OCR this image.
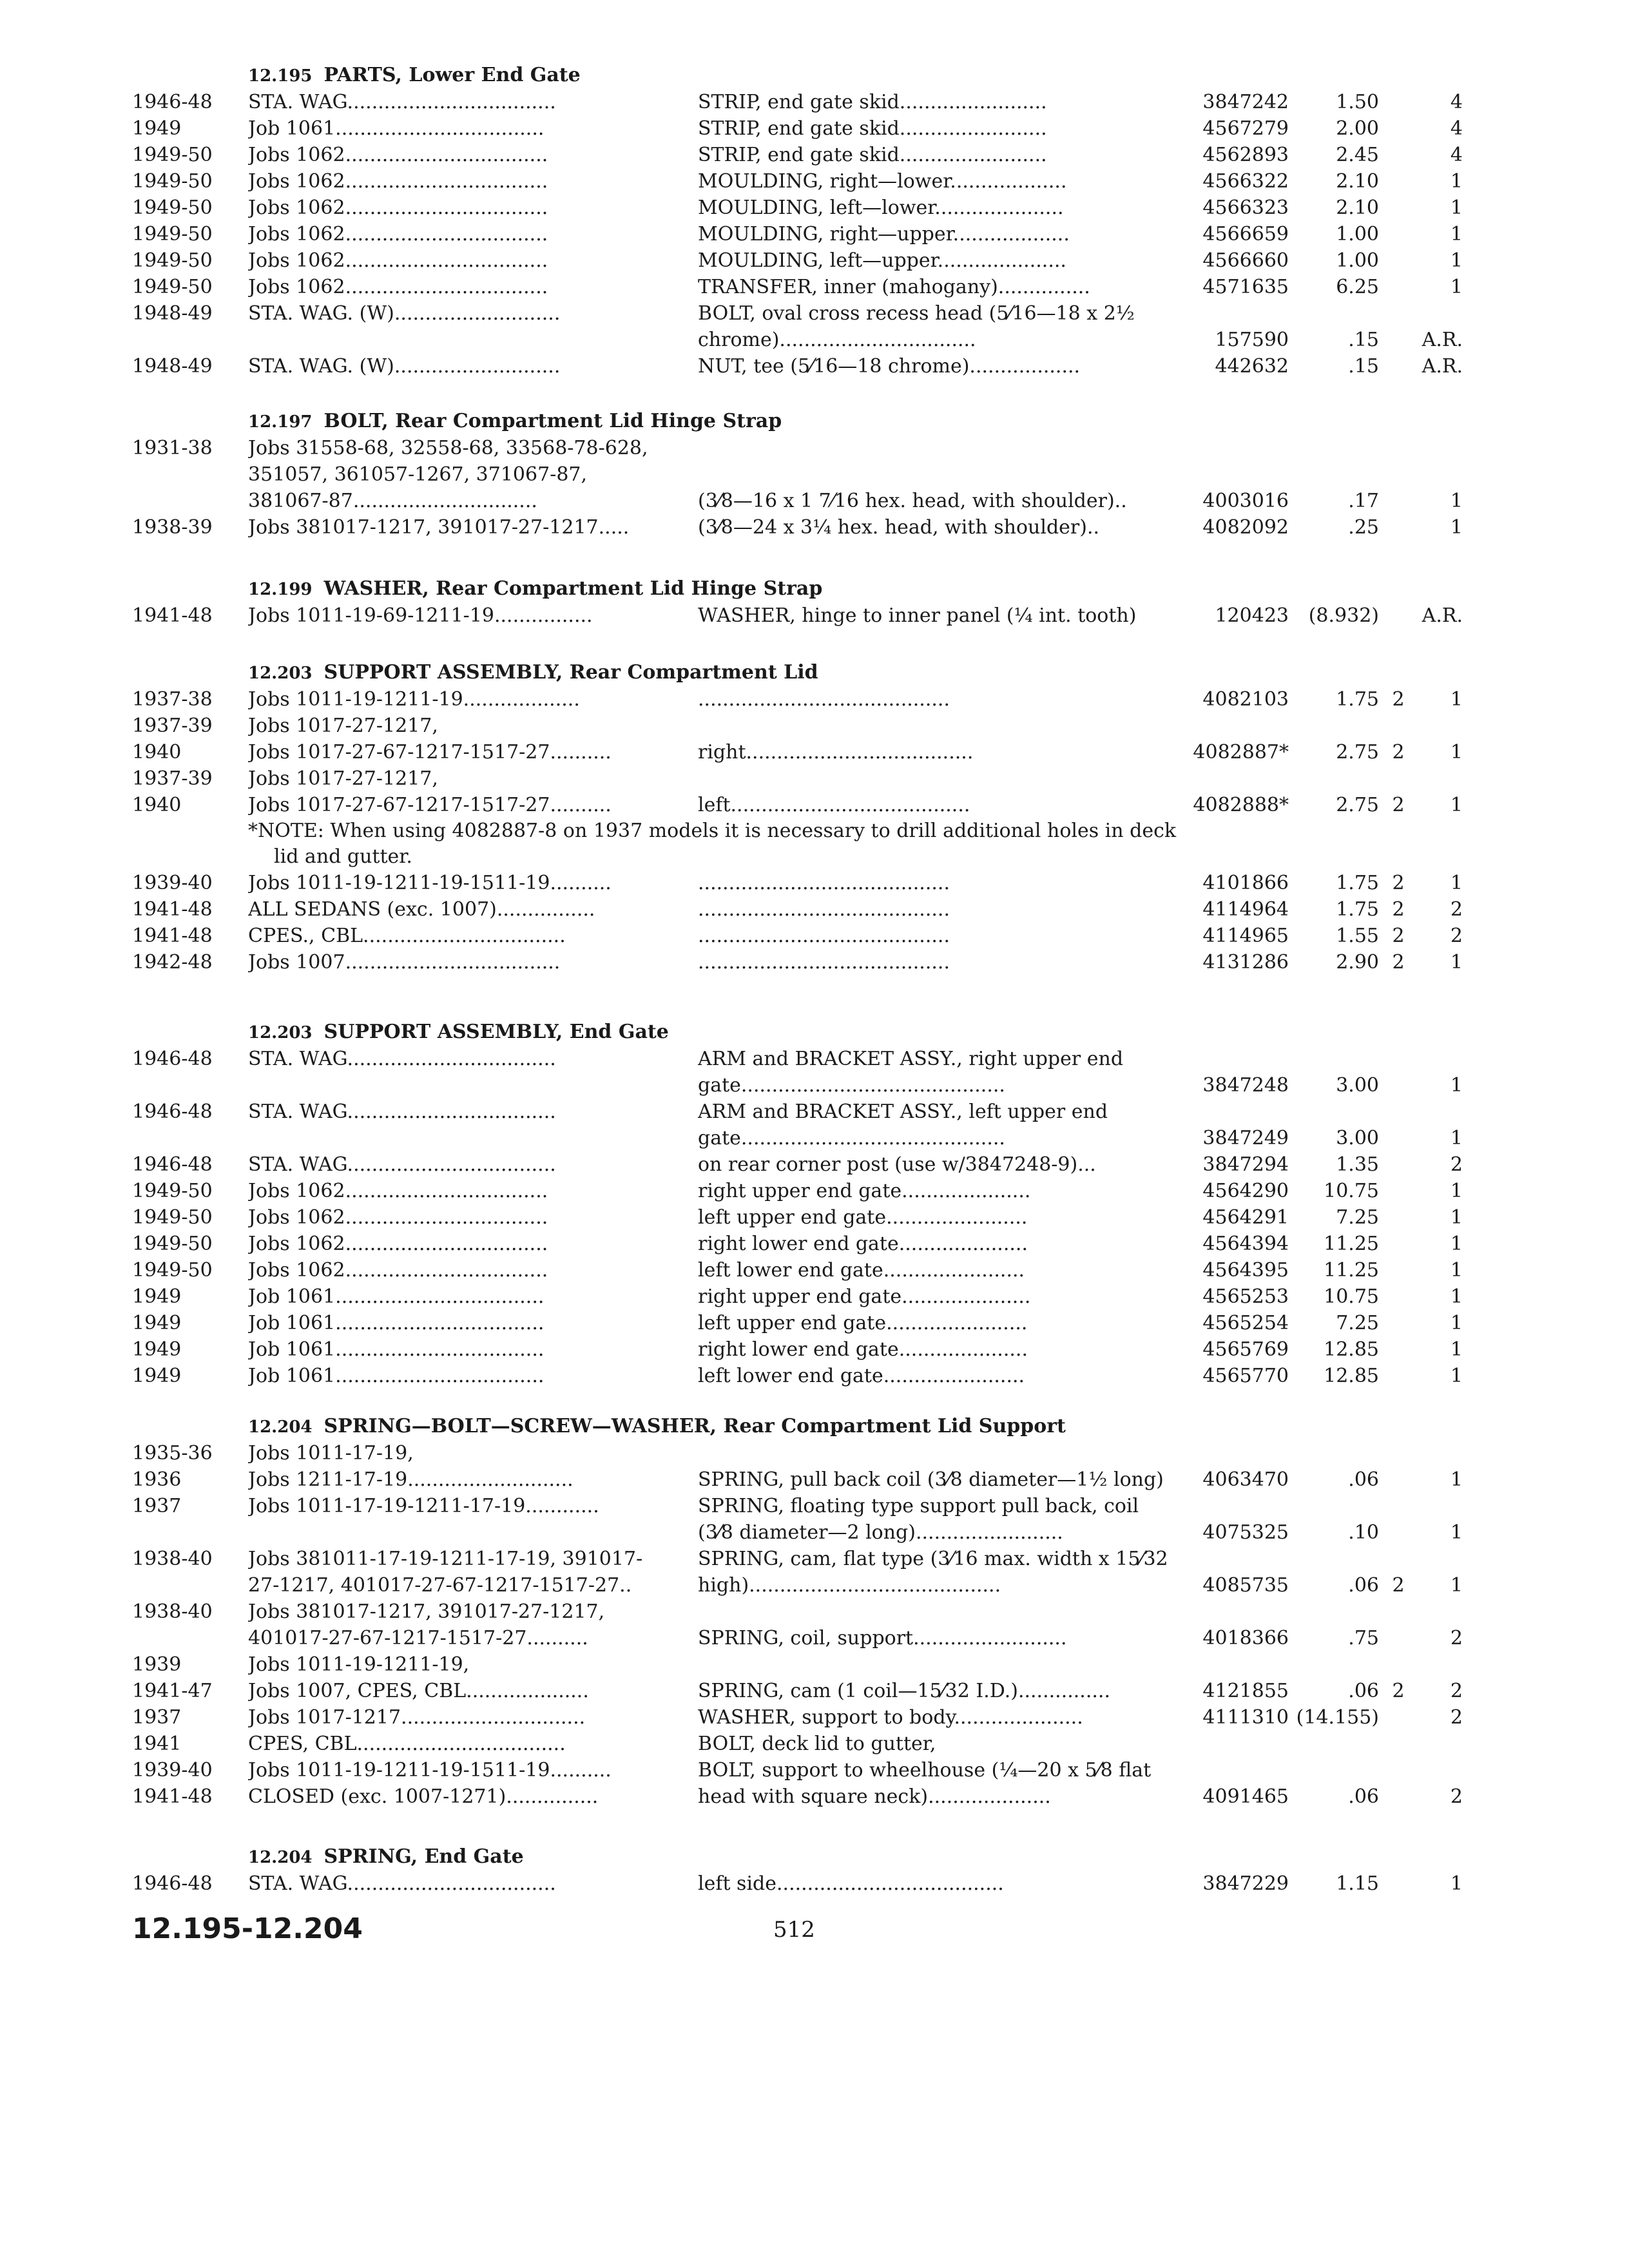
12.195 PARTS, Lower End Gate
1946-48	STA. WAG..................................	STRIP, end gate skid........................	3847242	1.50	4
1949	Job 1061..................................	STRIP, end gate skid........................	4567279	2.00	4
1949-50	Jobs 1062.................................	STRIP, end gate skid........................	4562893	2.45	4
1949-50	Jobs 1062.................................	MOULDING, right—lower...................	4566322	2.10	1
1949-50	Jobs 1062.................................	MOULDING, left—lower.....................	4566323	2.10	1
1949-50	Jobs 1062.................................	MOULDING, right—upper...................	4566659	1.00	1
1949-50	Jobs 1062.................................	MOULDING, left—upper.....................	4566660	1.00	1
1949-50	Jobs 1062.................................	TRANSFER, inner (mahogany)...............	4571635	6.25	1
1948-49	STA. WAG. (W)...........................	BOLT, oval cross recess head (5⁄16—18 x 2½
chrome)................................	157590	.15	A.R.
1948-49	STA. WAG. (W)...........................	NUT, tee (5⁄16—18 chrome)..................	442632	.15	A.R.
12.197 BOLT, Rear Compartment Lid Hinge Strap
1931-38	Jobs 31558-68, 32558-68, 33568-78-628,
351057, 361057-1267, 371067-87,
381067-87..............................	(3⁄8—16 x 1 7⁄16 hex. head, with shoulder)..	4003016	.17	1
1938-39	Jobs 381017-1217, 391017-27-1217.....	(3⁄8—24 x 3¼ hex. head, with shoulder)..	4082092	.25	1
12.199 WASHER, Rear Compartment Lid Hinge Strap
1941-48	Jobs 1011-19-69-1211-19................	WASHER, hinge to inner panel (¼ int. tooth)	120423	(8.932)	A.R.
12.203 SUPPORT ASSEMBLY, Rear Compartment Lid
1937-38	Jobs 1011-19-1211-19...................	.........................................	4082103	1.75 2	1
1937-39	Jobs 1017-27-1217,
1940	Jobs 1017-27-67-1217-1517-27..........	right.....................................	4082887*	2.75 2	1
1937-39	Jobs 1017-27-1217,
1940	Jobs 1017-27-67-1217-1517-27..........	left.......................................	4082888*	2.75 2	1
*NOTE: When using 4082887-8 on 1937 models it is necessary to drill additional holes in deck
lid and gutter.
1939-40	Jobs 1011-19-1211-19-1511-19..........	.........................................	4101866	1.75 2	1
1941-48	ALL SEDANS (exc. 1007)................	.........................................	4114964	1.75 2	2
1941-48	CPES., CBL.................................	.........................................	4114965	1.55 2	2
1942-48	Jobs 1007...................................	.........................................	4131286	2.90 2	1
12.203 SUPPORT ASSEMBLY, End Gate
1946-48	STA. WAG..................................	ARM and BRACKET ASSY., right upper end
gate...........................................	3847248	3.00	1
1946-48	STA. WAG..................................	ARM and BRACKET ASSY., left upper end
gate...........................................	3847249	3.00	1
1946-48	STA. WAG..................................	on rear corner post (use w/3847248-9)...	3847294	1.35	2
1949-50	Jobs 1062.................................	right upper end gate.....................	4564290	10.75	1
1949-50	Jobs 1062.................................	left upper end gate.......................	4564291	7.25	1
1949-50	Jobs 1062.................................	right lower end gate.....................	4564394	11.25	1
1949-50	Jobs 1062.................................	left lower end gate.......................	4564395	11.25	1
1949	Job 1061..................................	right upper end gate.....................	4565253	10.75	1
1949	Job 1061..................................	left upper end gate.......................	4565254	7.25	1
1949	Job 1061..................................	right lower end gate.....................	4565769	12.85	1
1949	Job 1061..................................	left lower end gate.......................	4565770	12.85	1
12.204 SPRING—BOLT—SCREW—WASHER, Rear Compartment Lid Support
1935-36	Jobs 1011-17-19,
1936	Jobs 1211-17-19...........................	SPRING, pull back coil (3⁄8 diameter—1½ long)	4063470	.06	1
1937	Jobs 1011-17-19-1211-17-19............	SPRING, floating type support pull back, coil
(3⁄8 diameter—2 long)........................	4075325	.10	1
1938-40	Jobs 381011-17-19-1211-17-19, 391017-	SPRING, cam, flat type (3⁄16 max. width x 15⁄32
27-1217, 401017-27-67-1217-1517-27..	high).........................................	4085735	.06 2	1
1938-40	Jobs 381017-1217, 391017-27-1217,
401017-27-67-1217-1517-27..........	SPRING, coil, support.........................	4018366	.75	2
1939	Jobs 1011-19-1211-19,
1941-47	Jobs 1007, CPES, CBL....................	SPRING, cam (1 coil—15⁄32 I.D.)...............	4121855	.06 2	2
1937	Jobs 1017-1217..............................	WASHER, support to body.....................	4111310 (14.155)	2
1941	CPES, CBL..................................	BOLT, deck lid to gutter,
1939-40	Jobs 1011-19-1211-19-1511-19..........	BOLT, support to wheelhouse (¼—20 x 5⁄8 flat
1941-48	CLOSED (exc. 1007-1271)...............	head with square neck)....................	4091465	.06	2
12.204 SPRING, End Gate
1946-48	STA. WAG..................................	left side.....................................	3847229	1.15	1
12.195-12.204	512
